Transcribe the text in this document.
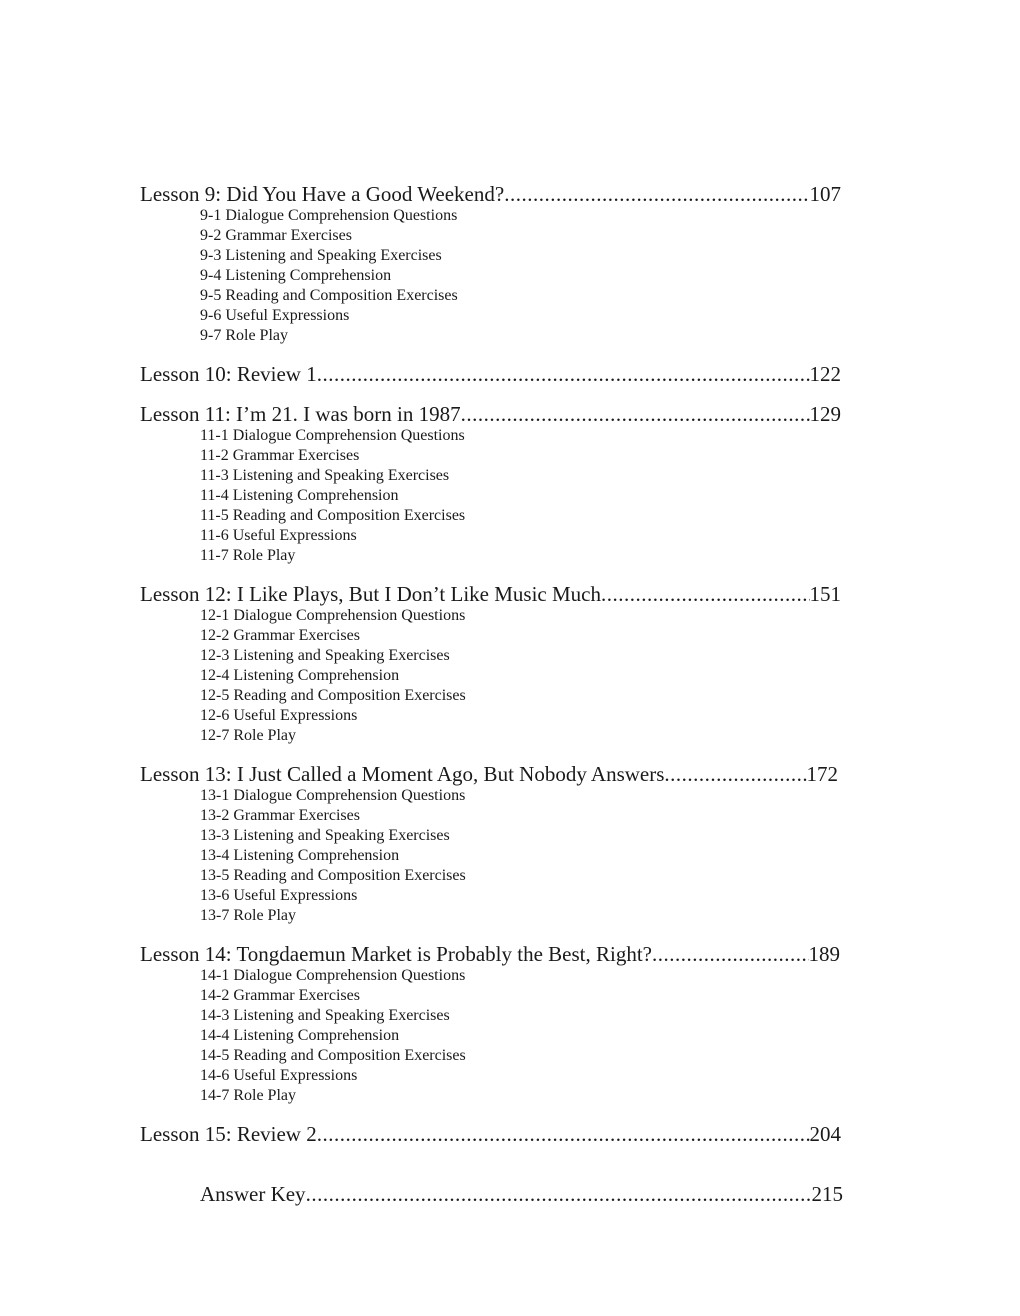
Lesson 9: Did You Have a Good Weekend? .....	107
9-1 Dialogue Comprehension Questions
9-2 Grammar Exercises
9-3 Listening and Speaking Exercises
9-4 Listening Comprehension
9-5 Reading and Composition Exercises
9-6 Useful Expressions
9-7 Role Play
Lesson 10: Review 1 .....	122
Lesson 11: I’m 21. I was born in 1987 .....	129
11-1 Dialogue Comprehension Questions
11-2 Grammar Exercises
11-3 Listening and Speaking Exercises
11-4 Listening Comprehension
11-5 Reading and Composition Exercises
11-6 Useful Expressions
11-7 Role Play
Lesson 12: I Like Plays, But I Don’t Like Music Much .....	151
12-1 Dialogue Comprehension Questions
12-2 Grammar Exercises
12-3 Listening and Speaking Exercises
12-4 Listening Comprehension
12-5 Reading and Composition Exercises
12-6 Useful Expressions
12-7 Role Play
Lesson 13: I Just Called a Moment Ago, But Nobody Answers .....	172
13-1 Dialogue Comprehension Questions
13-2 Grammar Exercises
13-3 Listening and Speaking Exercises
13-4 Listening Comprehension
13-5 Reading and Composition Exercises
13-6 Useful Expressions
13-7 Role Play
Lesson 14: Tongdaemun Market is Probably the Best, Right? .....	189
14-1 Dialogue Comprehension Questions
14-2 Grammar Exercises
14-3 Listening and Speaking Exercises
14-4 Listening Comprehension
14-5 Reading and Composition Exercises
14-6 Useful Expressions
14-7 Role Play
Lesson 15: Review 2 .....	204
Answer Key .....	215
